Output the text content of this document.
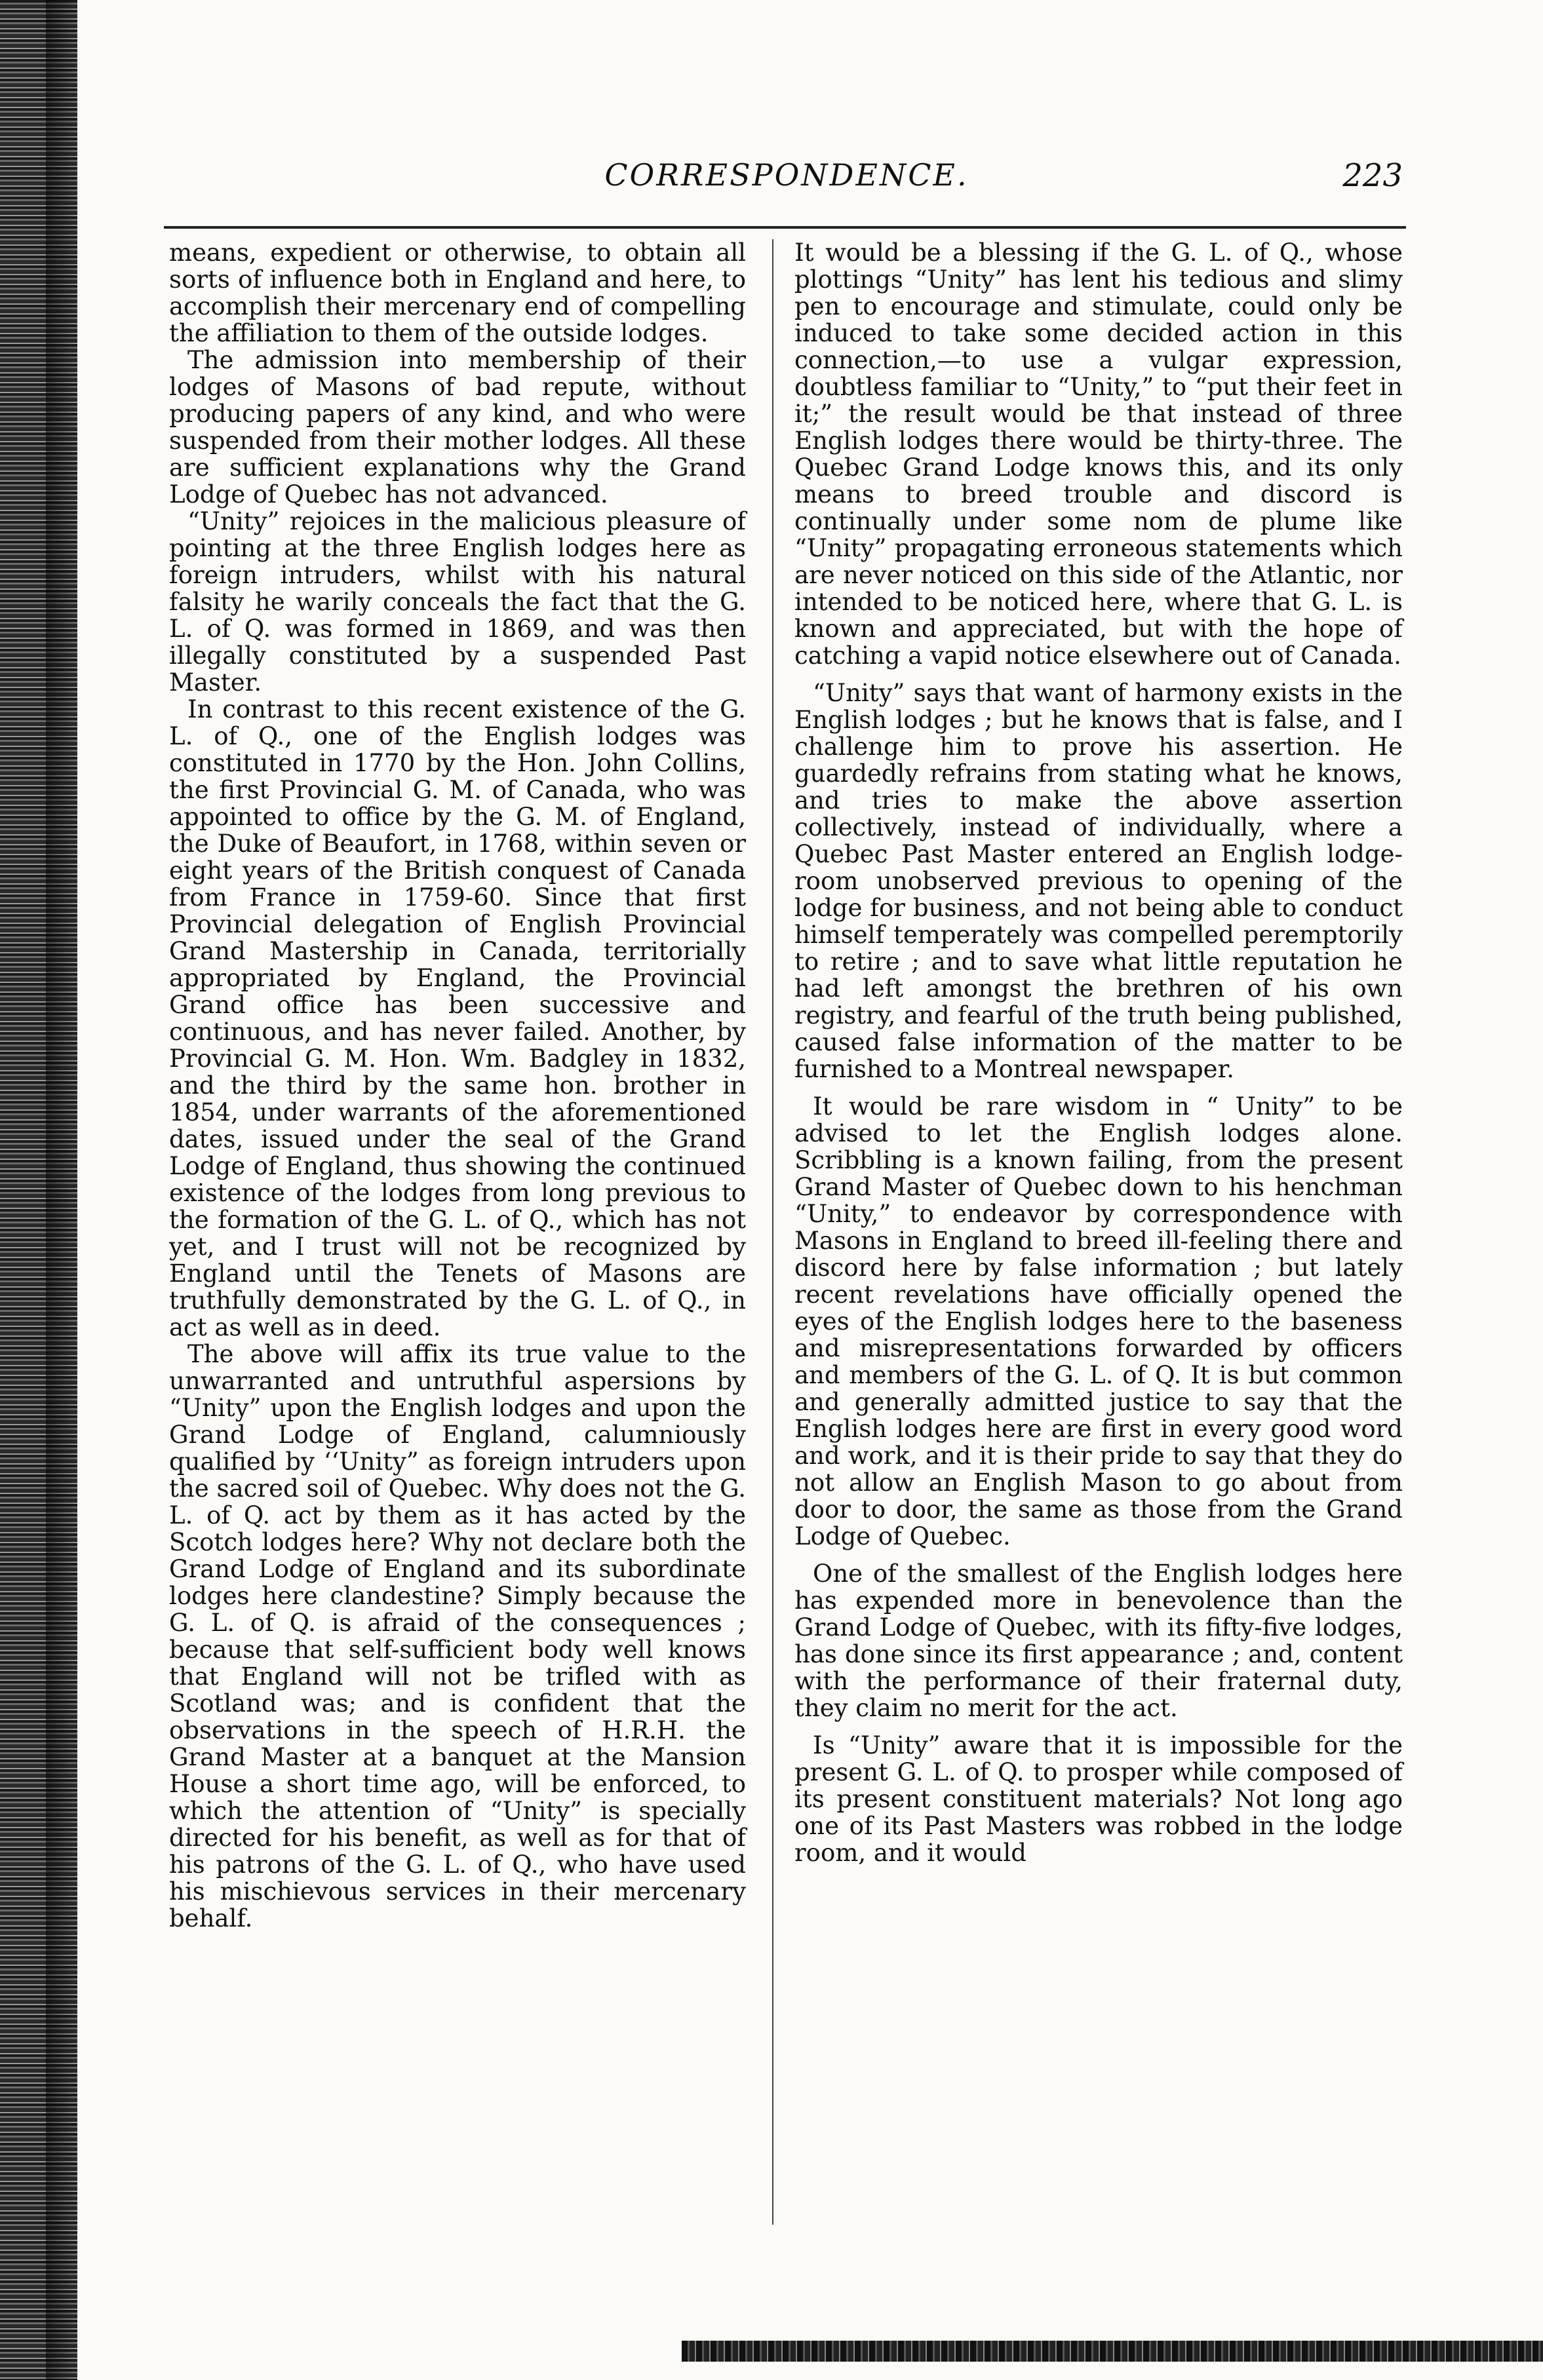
CORRESPONDENCE.	223

means, expedient or otherwise, to obtain all sorts of influence both in England and here, to accomplish their mercenary end of compelling the affiliation to them of the outside lodges.

The admission into membership of their lodges of Masons of bad repute, without producing papers of any kind, and who were suspended from their mother lodges. All these are sufficient explanations why the Grand Lodge of Quebec has not advanced.

“Unity” rejoices in the malicious pleasure of pointing at the three English lodges here as foreign intruders, whilst with his natural falsity he warily conceals the fact that the G. L. of Q. was formed in 1869, and was then illegally constituted by a suspended Past Master.

In contrast to this recent existence of the G. L. of Q., one of the English lodges was constituted in 1770 by the Hon. John Collins, the first Provincial G. M. of Canada, who was appointed to office by the G. M. of England, the Duke of Beaufort, in 1768, within seven or eight years of the British conquest of Canada from France in 1759-60. Since that first Provincial delegation of English Provincial Grand Mastership in Canada, territorially appropriated by England, the Provincial Grand office has been successive and continuous, and has never failed. Another, by Provincial G. M. Hon. Wm. Badgley in 1832, and the third by the same hon. brother in 1854, under warrants of the aforementioned dates, issued under the seal of the Grand Lodge of England, thus showing the continued existence of the lodges from long previous to the formation of the G. L. of Q., which has not yet, and I trust will not be recognized by England until the Tenets of Masons are truthfully demonstrated by the G. L. of Q., in act as well as in deed.

The above will affix its true value to the unwarranted and untruthful aspersions by “Unity” upon the English lodges and upon the Grand Lodge of England, calumniously qualified by ‘‘Unity” as foreign intruders upon the sacred soil of Quebec. Why does not the G. L. of Q. act by them as it has acted by the Scotch lodges here? Why not declare both the Grand Lodge of England and its subordinate lodges here clandestine? Simply because the G. L. of Q. is afraid of the consequences ; because that self-sufficient body well knows that England will not be trifled with as Scotland was; and is confident that the observations in the speech of H.R.H. the Grand Master at a banquet at the Mansion House a short time ago, will be enforced, to which the attention of “Unity” is specially directed for his benefit, as well as for that of his patrons of the G. L. of Q., who have used his mischievous services in their mercenary behalf.

It would be a blessing if the G. L. of Q., whose plottings “Unity” has lent his tedious and slimy pen to encourage and stimulate, could only be induced to take some decided action in this connection,—to use a vulgar expression, doubtless familiar to “Unity,” to “put their feet in it;” the result would be that instead of three English lodges there would be thirty-three. The Quebec Grand Lodge knows this, and its only means to breed trouble and discord is continually under some nom de plume like “Unity” propagating erroneous statements which are never noticed on this side of the Atlantic, nor intended to be noticed here, where that G. L. is known and appreciated, but with the hope of catching a vapid notice elsewhere out of Canada.

“Unity” says that want of harmony exists in the English lodges ; but he knows that is false, and I challenge him to prove his assertion. He guardedly refrains from stating what he knows, and tries to make the above assertion collectively, instead of individually, where a Quebec Past Master entered an English lodge-room unobserved previous to opening of the lodge for business, and not being able to conduct himself temperately was compelled peremptorily to retire ; and to save what little reputation he had left amongst the brethren of his own registry, and fearful of the truth being published, caused false information of the matter to be furnished to a Montreal newspaper.

It would be rare wisdom in “ Unity” to be advised to let the English lodges alone. Scribbling is a known failing, from the present Grand Master of Quebec down to his henchman “Unity,” to endeavor by correspondence with Masons in England to breed ill-feeling there and discord here by false information ; but lately recent revelations have officially opened the eyes of the English lodges here to the baseness and misrepresentations forwarded by officers and members of the G. L. of Q. It is but common and generally admitted justice to say that the English lodges here are first in every good word and work, and it is their pride to say that they do not allow an English Mason to go about from door to door, the same as those from the Grand Lodge of Quebec.

One of the smallest of the English lodges here has expended more in benevolence than the Grand Lodge of Quebec, with its fifty-five lodges, has done since its first appearance ; and, content with the performance of their fraternal duty, they claim no merit for the act.

Is “Unity” aware that it is impossible for the present G. L. of Q. to prosper while composed of its present constituent materials? Not long ago one of its Past Masters was robbed in the lodge room, and it would
